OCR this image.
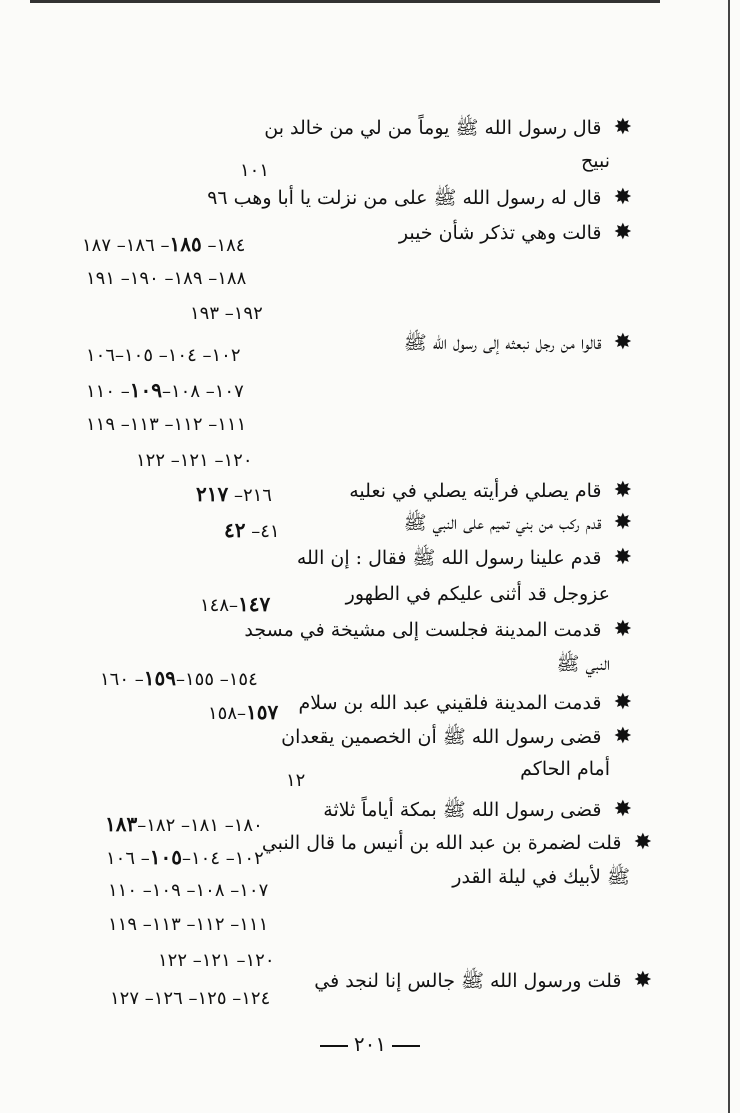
✸ قال رسول الله ﷺ يوماً من لي من خالد بن
نبيح
١٠١
✸ قال له رسول الله ﷺ على من نزلت يا أبا وهب ٩٦
✸ قالت وهي تذكر شأن خيبر
١٨٤– ١٨٥– ١٨٦– ١٨٧
١٨٨– ١٨٩– ١٩٠– ١٩١
١٩٢– ١٩٣
✸ قالوا من رجل نبعثه إلى رسول الله ﷺ
١٠٢– ١٠٤– ١٠٥–١٠٦
١٠٧– ١٠٨–١٠٩– ١١٠
١١١– ١١٢– ١١٣– ١١٩
١٢٠– ١٢١– ١٢٢
✸ قام يصلي فرأيته يصلي في نعليه
٢١٦– ٢١٧
✸ قدم ركب من بني تميم على النبي ﷺ
٤١– ٤٢
✸ قدم علينا رسول الله ﷺ فقال : إن الله
عزوجل قد أثنى عليكم في الطهور
١٤٧–١٤٨
✸ قدمت المدينة فجلست إلى مشيخة في مسجد
النبي ﷺ
١٥٤– ١٥٥–١٥٩– ١٦٠
✸ قدمت المدينة فلقيني عبد الله بن سلام
١٥٧–١٥٨
✸ قضى رسول الله ﷺ أن الخصمين يقعدان
أمام الحاكم
١٢
✸ قضى رسول الله ﷺ بمكة أياماً ثلاثة
١٨٠– ١٨١– ١٨٢–١٨٣
✸ قلت لضمرة بن عبد الله بن أنيس ما قال النبي
ﷺ لأبيك في ليلة القدر
١٠٢– ١٠٤–١٠٥– ١٠٦
١٠٧– ١٠٨– ١٠٩– ١١٠
١١١– ١١٢– ١١٣– ١١٩
١٢٠– ١٢١– ١٢٢
✸ قلت ورسول الله ﷺ جالس إنا لنجد في
١٢٤– ١٢٥– ١٢٦– ١٢٧
٢٠١
